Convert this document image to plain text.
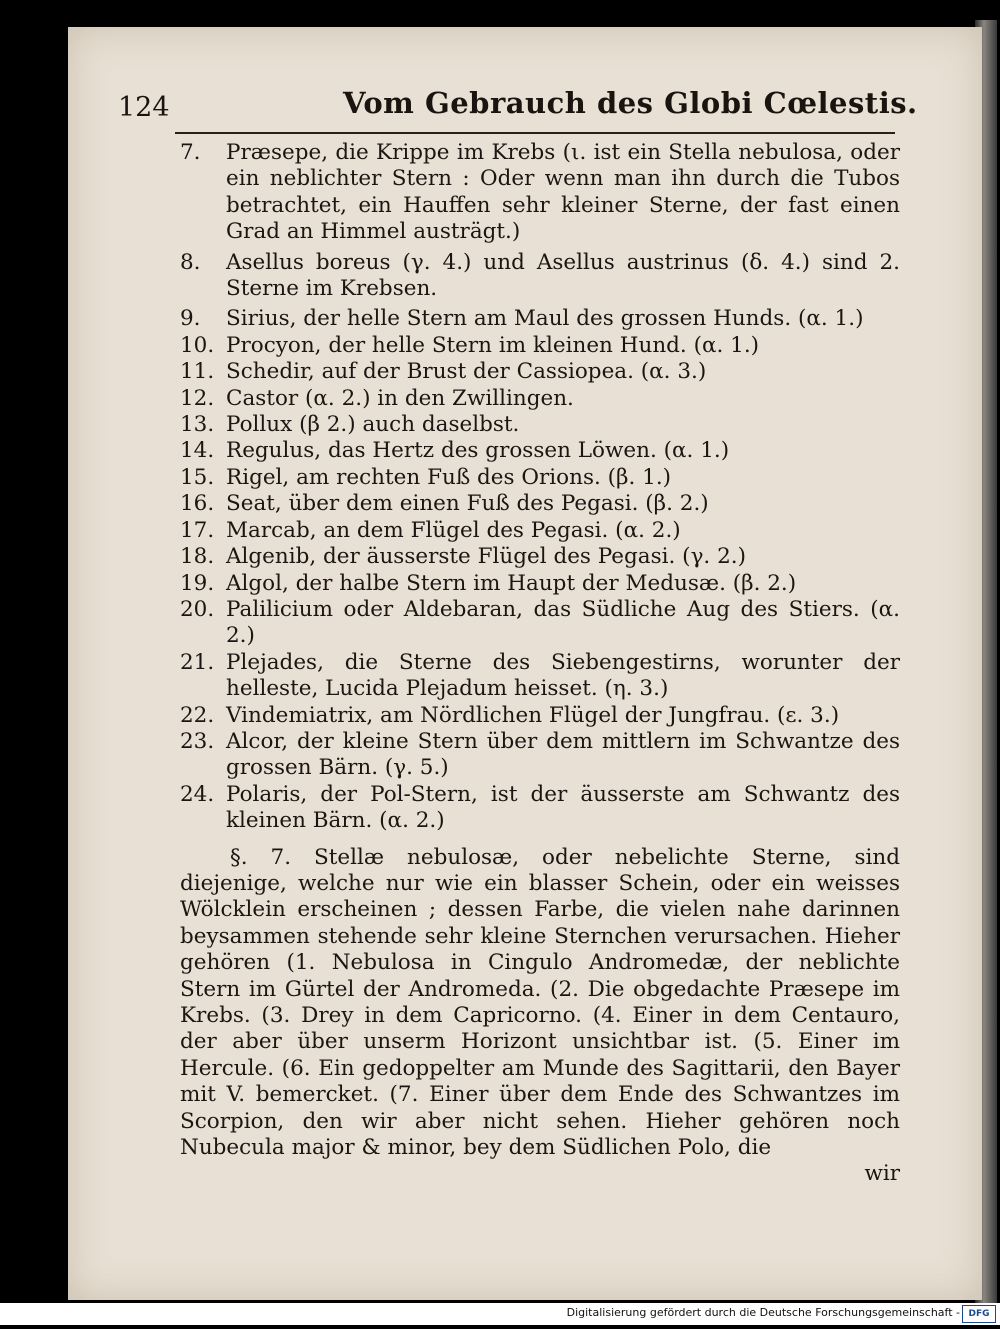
124	Vom Gebrauch des Globi Cœlestis.
7.	Præsepe, die Krippe im Krebs (ι. ist ein Stella nebulosa, oder ein neblichter Stern : Oder wenn man ihn durch die Tubos betrachtet, ein Hauffen sehr kleiner Sterne, der fast einen Grad an Himmel austrägt.)
8.	Asellus boreus (γ. 4.) und Asellus austrinus (δ. 4.) sind 2. Sterne im Krebsen.
9.	Sirius, der helle Stern am Maul des grossen Hunds. (α. 1.)
10. Procyon, der helle Stern im kleinen Hund. (α. 1.)
11. Schedir, auf der Brust der Cassiopea. (α. 3.)
12. Castor (α. 2.) in den Zwillingen.
13. Pollux (β 2.) auch daselbst.
14. Regulus, das Hertz des grossen Löwen. (α. 1.)
15. Rigel, am rechten Fuß des Orions. (β. 1.)
16. Seat, über dem einen Fuß des Pegasi. (β. 2.)
17. Marcab, an dem Flügel des Pegasi. (α. 2.)
18. Algenib, der äusserste Flügel des Pegasi. (γ. 2.)
19. Algol, der halbe Stern im Haupt der Medusæ. (β. 2.)
20. Palilicium oder Aldebaran, das Südliche Aug des Stiers. (α. 2.)
21. Plejades, die Sterne des Siebengestirns, worunter der helleste, Lucida Plejadum heisset. (η. 3.)
22. Vindemiatrix, am Nördlichen Flügel der Jungfrau. (ε. 3.)
23. Alcor, der kleine Stern über dem mittlern im Schwantze des grossen Bärn. (γ. 5.)
24. Polaris, der Pol-Stern, ist der äusserste am Schwantz des kleinen Bärn. (α. 2.)
§. 7. Stellæ nebulosæ, oder nebelichte Sterne, sind diejenige, welche nur wie ein blasser Schein, oder ein weisses Wölcklein erscheinen ; dessen Farbe, die vielen nahe darinnen beysammen stehende sehr kleine Sternchen verursachen. Hieher gehören (1. Nebulosa in Cingulo Andromedæ, der neblichte Stern im Gürtel der Andromeda. (2. Die obgedachte Præsepe im Krebs. (3. Drey in dem Capricorno. (4. Einer in dem Centauro, der aber über unserm Horizont unsichtbar ist. (5. Einer im Hercule. (6. Ein gedoppelter am Munde des Sagittarii, den Bayer mit V. bemercket. (7. Einer über dem Ende des Schwantzes im Scorpion, den wir aber nicht sehen. Hieher gehören noch Nubecula major & minor, bey dem Südlichen Polo, die
wir
Digitalisierung gefördert durch die Deutsche Forschungsgemeinschaft - DFG
